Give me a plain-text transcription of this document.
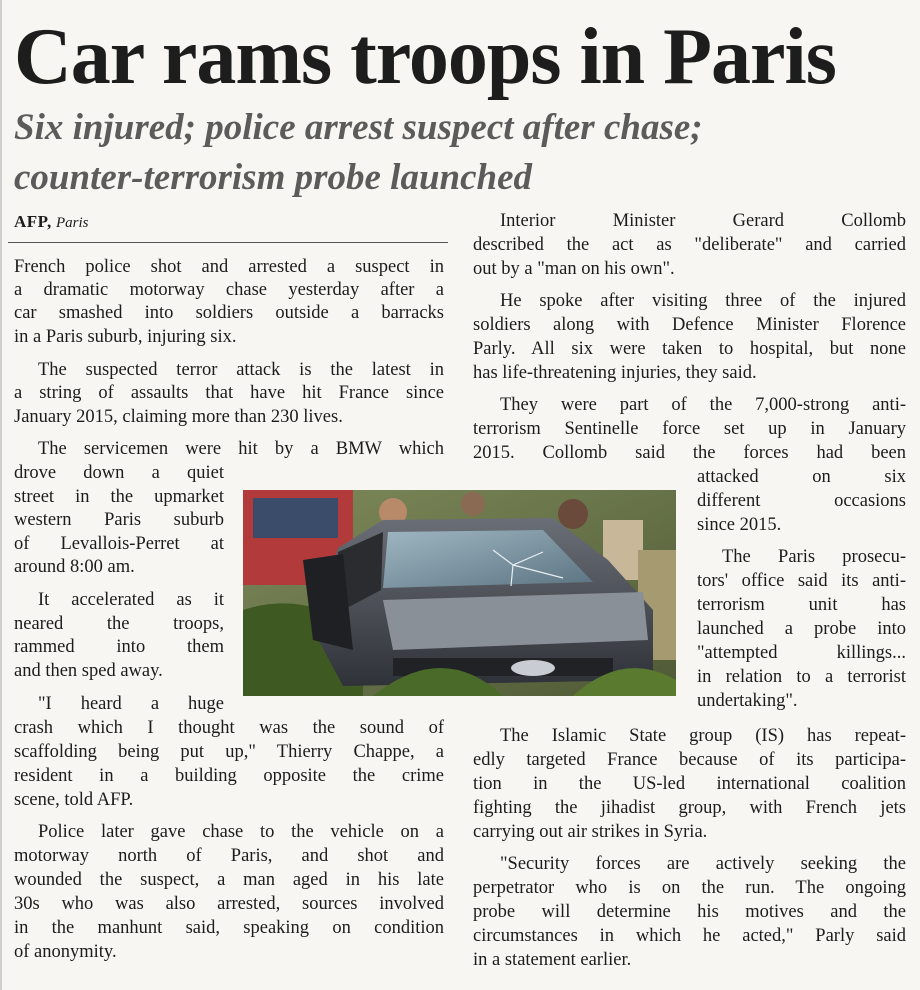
Car rams troops in Paris
Six injured; police arrest suspect after chase;
counter-terrorism probe launched
AFP, Paris
French police shot and arrested a suspect in
a dramatic motorway chase yesterday after a
car smashed into soldiers outside a barracks
in a Paris suburb, injuring six.
The suspected terror attack is the latest in
a string of assaults that have hit France since
January 2015, claiming more than 230 lives.
The servicemen were hit by a BMW which
drove down a quiet
street in the upmarket
western Paris suburb
of Levallois-Perret at
around 8:00 am.
It accelerated as it
neared the troops,
rammed into them
and then sped away.
"I heard a huge
crash which I thought was the sound of
scaffolding being put up," Thierry Chappe, a
resident in a building opposite the crime
scene, told AFP.
Police later gave chase to the vehicle on a
motorway north of Paris, and shot and
wounded the suspect, a man aged in his late
30s who was also arrested, sources involved
in the manhunt said, speaking on condition
of anonymity.
Interior Minister Gerard Collomb
described the act as "deliberate" and carried
out by a "man on his own".
He spoke after visiting three of the injured
soldiers along with Defence Minister Florence
Parly. All six were taken to hospital, but none
has life-threatening injuries, they said.
They were part of the 7,000-strong anti-
terrorism Sentinelle force set up in January
2015. Collomb said the forces had been
attacked on six
different occasions
since 2015.
The Paris prosecu-
tors' office said its anti-
terrorism unit has
launched a probe into
"attempted killings...
in relation to a terrorist
undertaking".
The Islamic State group (IS) has repeat-
edly targeted France because of its participa-
tion in the US-led international coalition
fighting the jihadist group, with French jets
carrying out air strikes in Syria.
"Security forces are actively seeking the
perpetrator who is on the run. The ongoing
probe will determine his motives and the
circumstances in which he acted," Parly said
in a statement earlier.
